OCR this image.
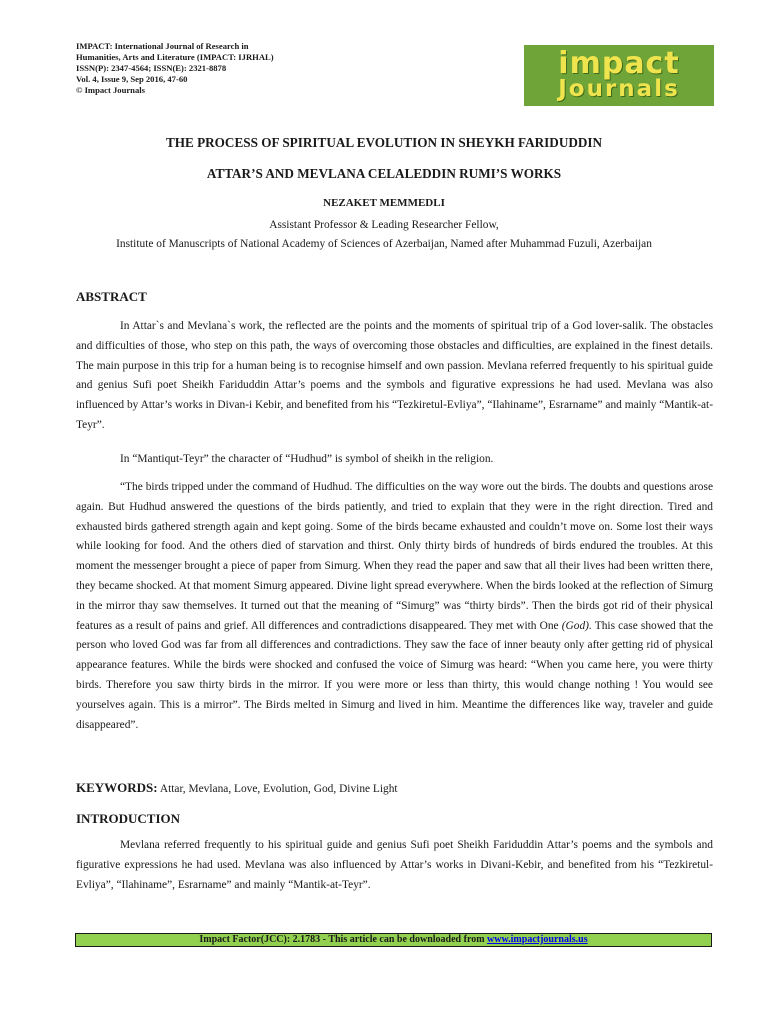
IMPACT: International Journal of Research in
Humanities, Arts and Literature (IMPACT: IJRHAL)
ISSN(P): 2347-4564; ISSN(E): 2321-8878
Vol. 4, Issue 9, Sep 2016, 47-60
© Impact Journals
impact
Journals
THE PROCESS OF SPIRITUAL EVOLUTION IN SHEYKH FARIDUDDIN
ATTAR’S AND MEVLANA CELALEDDIN RUMI’S WORKS
NEZAKET MEMMEDLI
Assistant Professor & Leading Researcher Fellow,
Institute of Manuscripts of National Academy of Sciences of Azerbaijan, Named after Muhammad Fuzuli, Azerbaijan
ABSTRACT

In Attar`s and Mevlana`s work, the reflected are the points and the moments of spiritual trip of a God lover-salik. The obstacles and difficulties of those, who step on this path, the ways of overcoming those obstacles and difficulties, are explained in the finest details. The main purpose in this trip for a human being is to recognise himself and own passion. Mevlana referred frequently to his spiritual guide and genius Sufi poet Sheikh Fariduddin Attar’s poems and the symbols and figurative expressions he had used. Mevlana was also influenced by Attar’s works in Divan-i Kebir, and benefited from his “Tezkiretul-Evliya”, “Ilahiname”, Esrarname” and mainly “Mantik-at-Teyr”.

In “Mantiqut-Teyr” the character of “Hudhud” is symbol of sheikh in the religion.

“The birds tripped under the command of Hudhud. The difficulties on the way wore out the birds. The doubts and questions arose again. But Hudhud answered the questions of the birds patiently, and tried to explain that they were in the right direction. Tired and exhausted birds gathered strength again and kept going. Some of the birds became exhausted and couldn’t move on. Some lost their ways while looking for food. And the others died of starvation and thirst. Only thirty birds of hundreds of birds endured the troubles. At this moment the messenger brought a piece of paper from Simurg. When they read the paper and saw that all their lives had been written there, they became shocked. At that moment Simurg appeared. Divine light spread everywhere. When the birds looked at the reflection of Simurg in the mirror thay saw themselves. It turned out that the meaning of “Simurg” was “thirty birds”. Then the birds got rid of their physical features as a result of pains and grief. All differences and contradictions disappeared. They met with One (God). This case showed that the person who loved God was far from all differences and contradictions. They saw the face of inner beauty only after getting rid of physical appearance features. While the birds were shocked and confused the voice of Simurg was heard: “When you came here, you were thirty birds. Therefore you saw thirty birds in the mirror. If you were more or less than thirty, this would change nothing ! You would see yourselves again. This is a mirror”. The Birds melted in Simurg and lived in him. Meantime the differences like way, traveler and guide disappeared”.

KEYWORDS: Attar, Mevlana, Love, Evolution, God, Divine Light
INTRODUCTION

Mevlana referred frequently to his spiritual guide and genius Sufi poet Sheikh Fariduddin Attar’s poems and the symbols and figurative expressions he had used. Mevlana was also influenced by Attar’s works in Divani-Kebir, and benefited from his “Tezkiretul-Evliya”, “Ilahiname”, Esrarname” and mainly “Mantik-at-Teyr”.

Impact Factor(JCC): 2.1783 - This article can be downloaded from www.impactjournals.us
